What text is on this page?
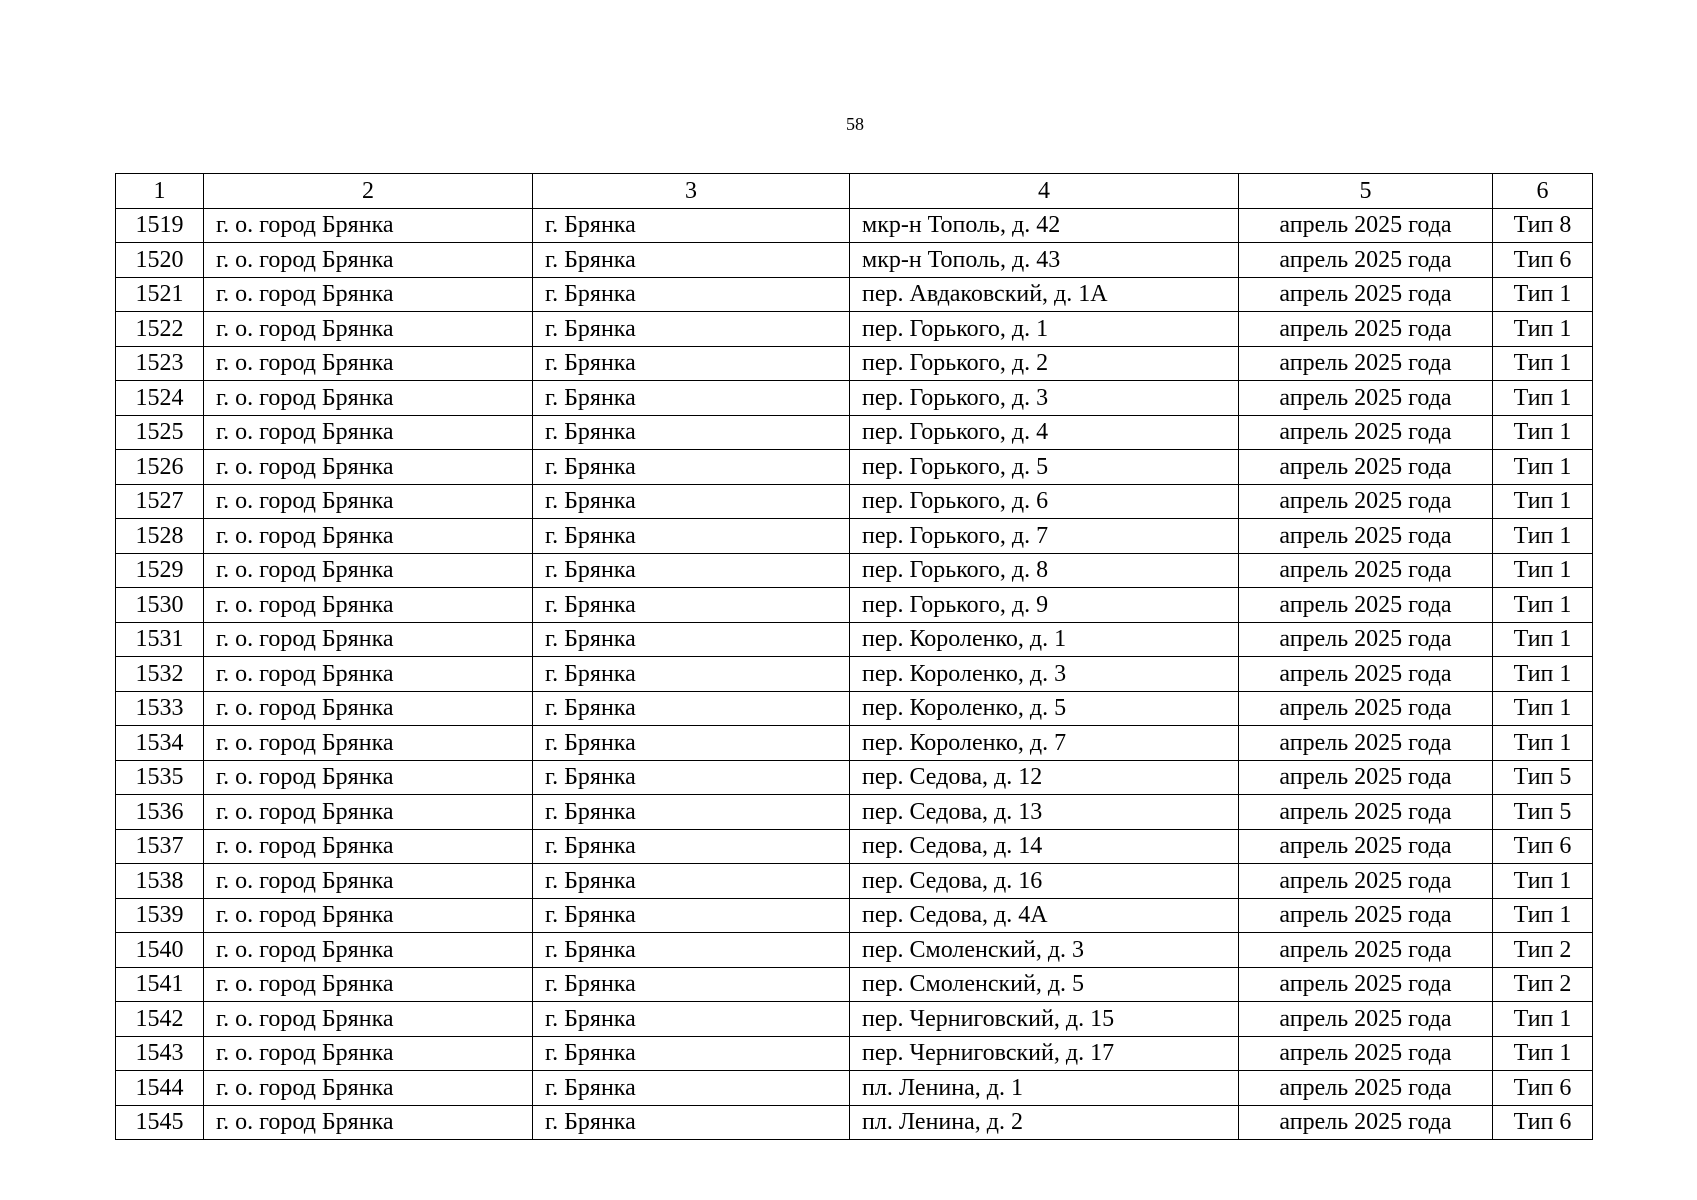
58
1	2	3	4	5	6
1519	г. о. город Брянка	г. Брянка	мкр-н Тополь, д. 42	апрель 2025 года	Тип 8
1520	г. о. город Брянка	г. Брянка	мкр-н Тополь, д. 43	апрель 2025 года	Тип 6
1521	г. о. город Брянка	г. Брянка	пер. Авдаковский, д. 1А	апрель 2025 года	Тип 1
1522	г. о. город Брянка	г. Брянка	пер. Горького, д. 1	апрель 2025 года	Тип 1
1523	г. о. город Брянка	г. Брянка	пер. Горького, д. 2	апрель 2025 года	Тип 1
1524	г. о. город Брянка	г. Брянка	пер. Горького, д. 3	апрель 2025 года	Тип 1
1525	г. о. город Брянка	г. Брянка	пер. Горького, д. 4	апрель 2025 года	Тип 1
1526	г. о. город Брянка	г. Брянка	пер. Горького, д. 5	апрель 2025 года	Тип 1
1527	г. о. город Брянка	г. Брянка	пер. Горького, д. 6	апрель 2025 года	Тип 1
1528	г. о. город Брянка	г. Брянка	пер. Горького, д. 7	апрель 2025 года	Тип 1
1529	г. о. город Брянка	г. Брянка	пер. Горького, д. 8	апрель 2025 года	Тип 1
1530	г. о. город Брянка	г. Брянка	пер. Горького, д. 9	апрель 2025 года	Тип 1
1531	г. о. город Брянка	г. Брянка	пер. Короленко, д. 1	апрель 2025 года	Тип 1
1532	г. о. город Брянка	г. Брянка	пер. Короленко, д. 3	апрель 2025 года	Тип 1
1533	г. о. город Брянка	г. Брянка	пер. Короленко, д. 5	апрель 2025 года	Тип 1
1534	г. о. город Брянка	г. Брянка	пер. Короленко, д. 7	апрель 2025 года	Тип 1
1535	г. о. город Брянка	г. Брянка	пер. Седова, д. 12	апрель 2025 года	Тип 5
1536	г. о. город Брянка	г. Брянка	пер. Седова, д. 13	апрель 2025 года	Тип 5
1537	г. о. город Брянка	г. Брянка	пер. Седова, д. 14	апрель 2025 года	Тип 6
1538	г. о. город Брянка	г. Брянка	пер. Седова, д. 16	апрель 2025 года	Тип 1
1539	г. о. город Брянка	г. Брянка	пер. Седова, д. 4А	апрель 2025 года	Тип 1
1540	г. о. город Брянка	г. Брянка	пер. Смоленский, д. 3	апрель 2025 года	Тип 2
1541	г. о. город Брянка	г. Брянка	пер. Смоленский, д. 5	апрель 2025 года	Тип 2
1542	г. о. город Брянка	г. Брянка	пер. Черниговский, д. 15	апрель 2025 года	Тип 1
1543	г. о. город Брянка	г. Брянка	пер. Черниговский, д. 17	апрель 2025 года	Тип 1
1544	г. о. город Брянка	г. Брянка	пл. Ленина, д. 1	апрель 2025 года	Тип 6
1545	г. о. город Брянка	г. Брянка	пл. Ленина, д. 2	апрель 2025 года	Тип 6
